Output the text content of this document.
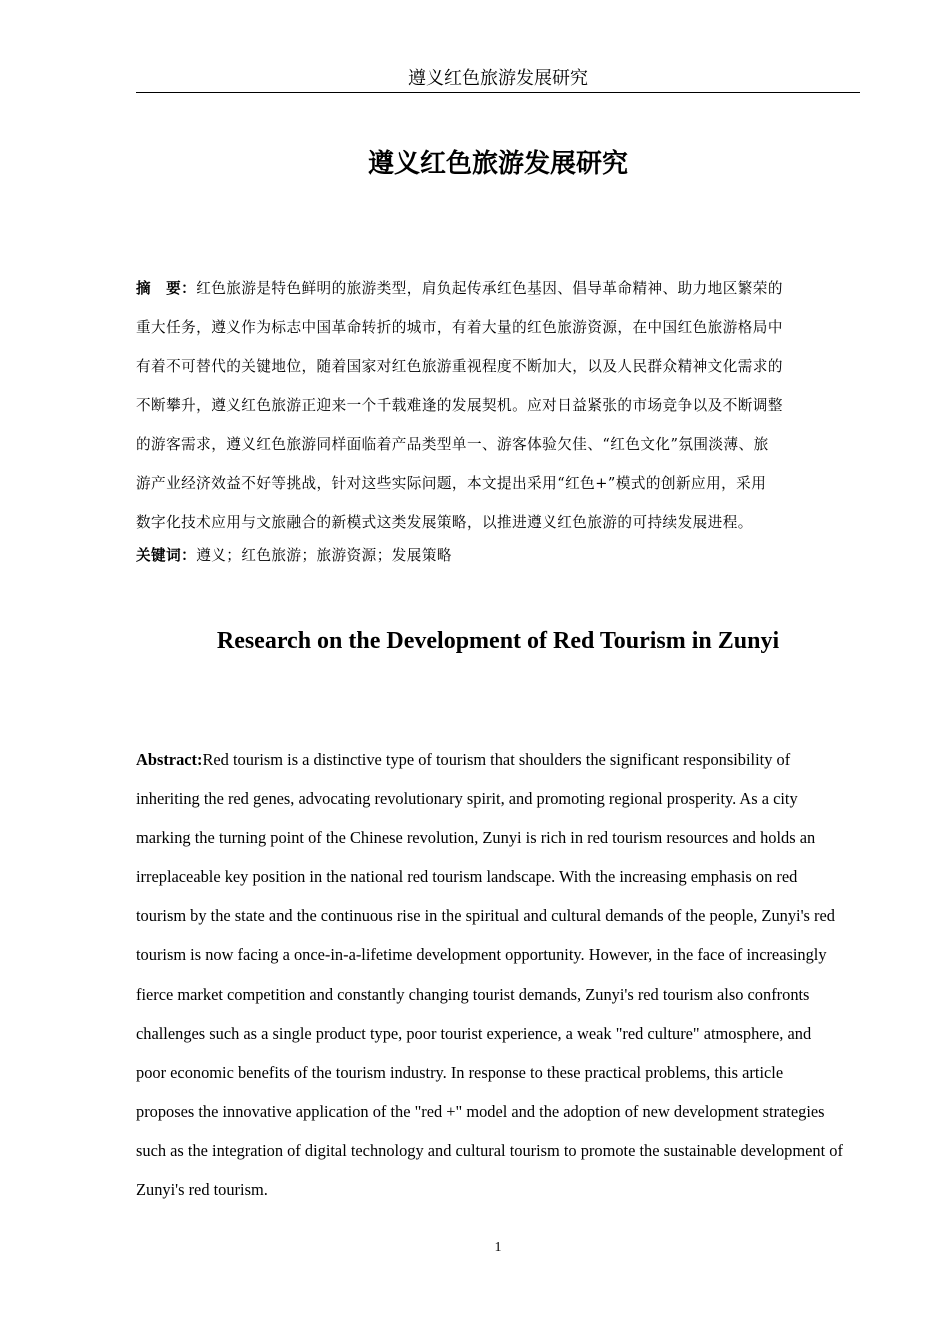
遵义红色旅游发展研究
遵义红色旅游发展研究
摘　要：红色旅游是特色鲜明的旅游类型，肩负起传承红色基因、倡导革命精神、助力地区繁荣的
重大任务，遵义作为标志中国革命转折的城市，有着大量的红色旅游资源，在中国红色旅游格局中
有着不可替代的关键地位，随着国家对红色旅游重视程度不断加大，以及人民群众精神文化需求的
不断攀升，遵义红色旅游正迎来一个千载难逢的发展契机。应对日益紧张的市场竞争以及不断调整
的游客需求，遵义红色旅游同样面临着产品类型单一、游客体验欠佳、“红色文化”氛围淡薄、旅
游产业经济效益不好等挑战，针对这些实际问题，本文提出采用“红色+”模式的创新应用，采用
数字化技术应用与文旅融合的新模式这类发展策略，以推进遵义红色旅游的可持续发展进程。
关键词：遵义；红色旅游；旅游资源；发展策略
Research on the Development of Red Tourism in Zunyi
Abstract:Red tourism is a distinctive type of tourism that shoulders the significant responsibility of
inheriting the red genes, advocating revolutionary spirit, and promoting regional prosperity. As a city
marking the turning point of the Chinese revolution, Zunyi is rich in red tourism resources and holds an
irreplaceable key position in the national red tourism landscape. With the increasing emphasis on red
tourism by the state and the continuous rise in the spiritual and cultural demands of the people, Zunyi's red
tourism is now facing a once-in-a-lifetime development opportunity. However, in the face of increasingly
fierce market competition and constantly changing tourist demands, Zunyi's red tourism also confronts
challenges such as a single product type, poor tourist experience, a weak "red culture" atmosphere, and
poor economic benefits of the tourism industry. In response to these practical problems, this article
proposes the innovative application of the "red +" model and the adoption of new development strategies
such as the integration of digital technology and cultural tourism to promote the sustainable development of
Zunyi's red tourism.
1
